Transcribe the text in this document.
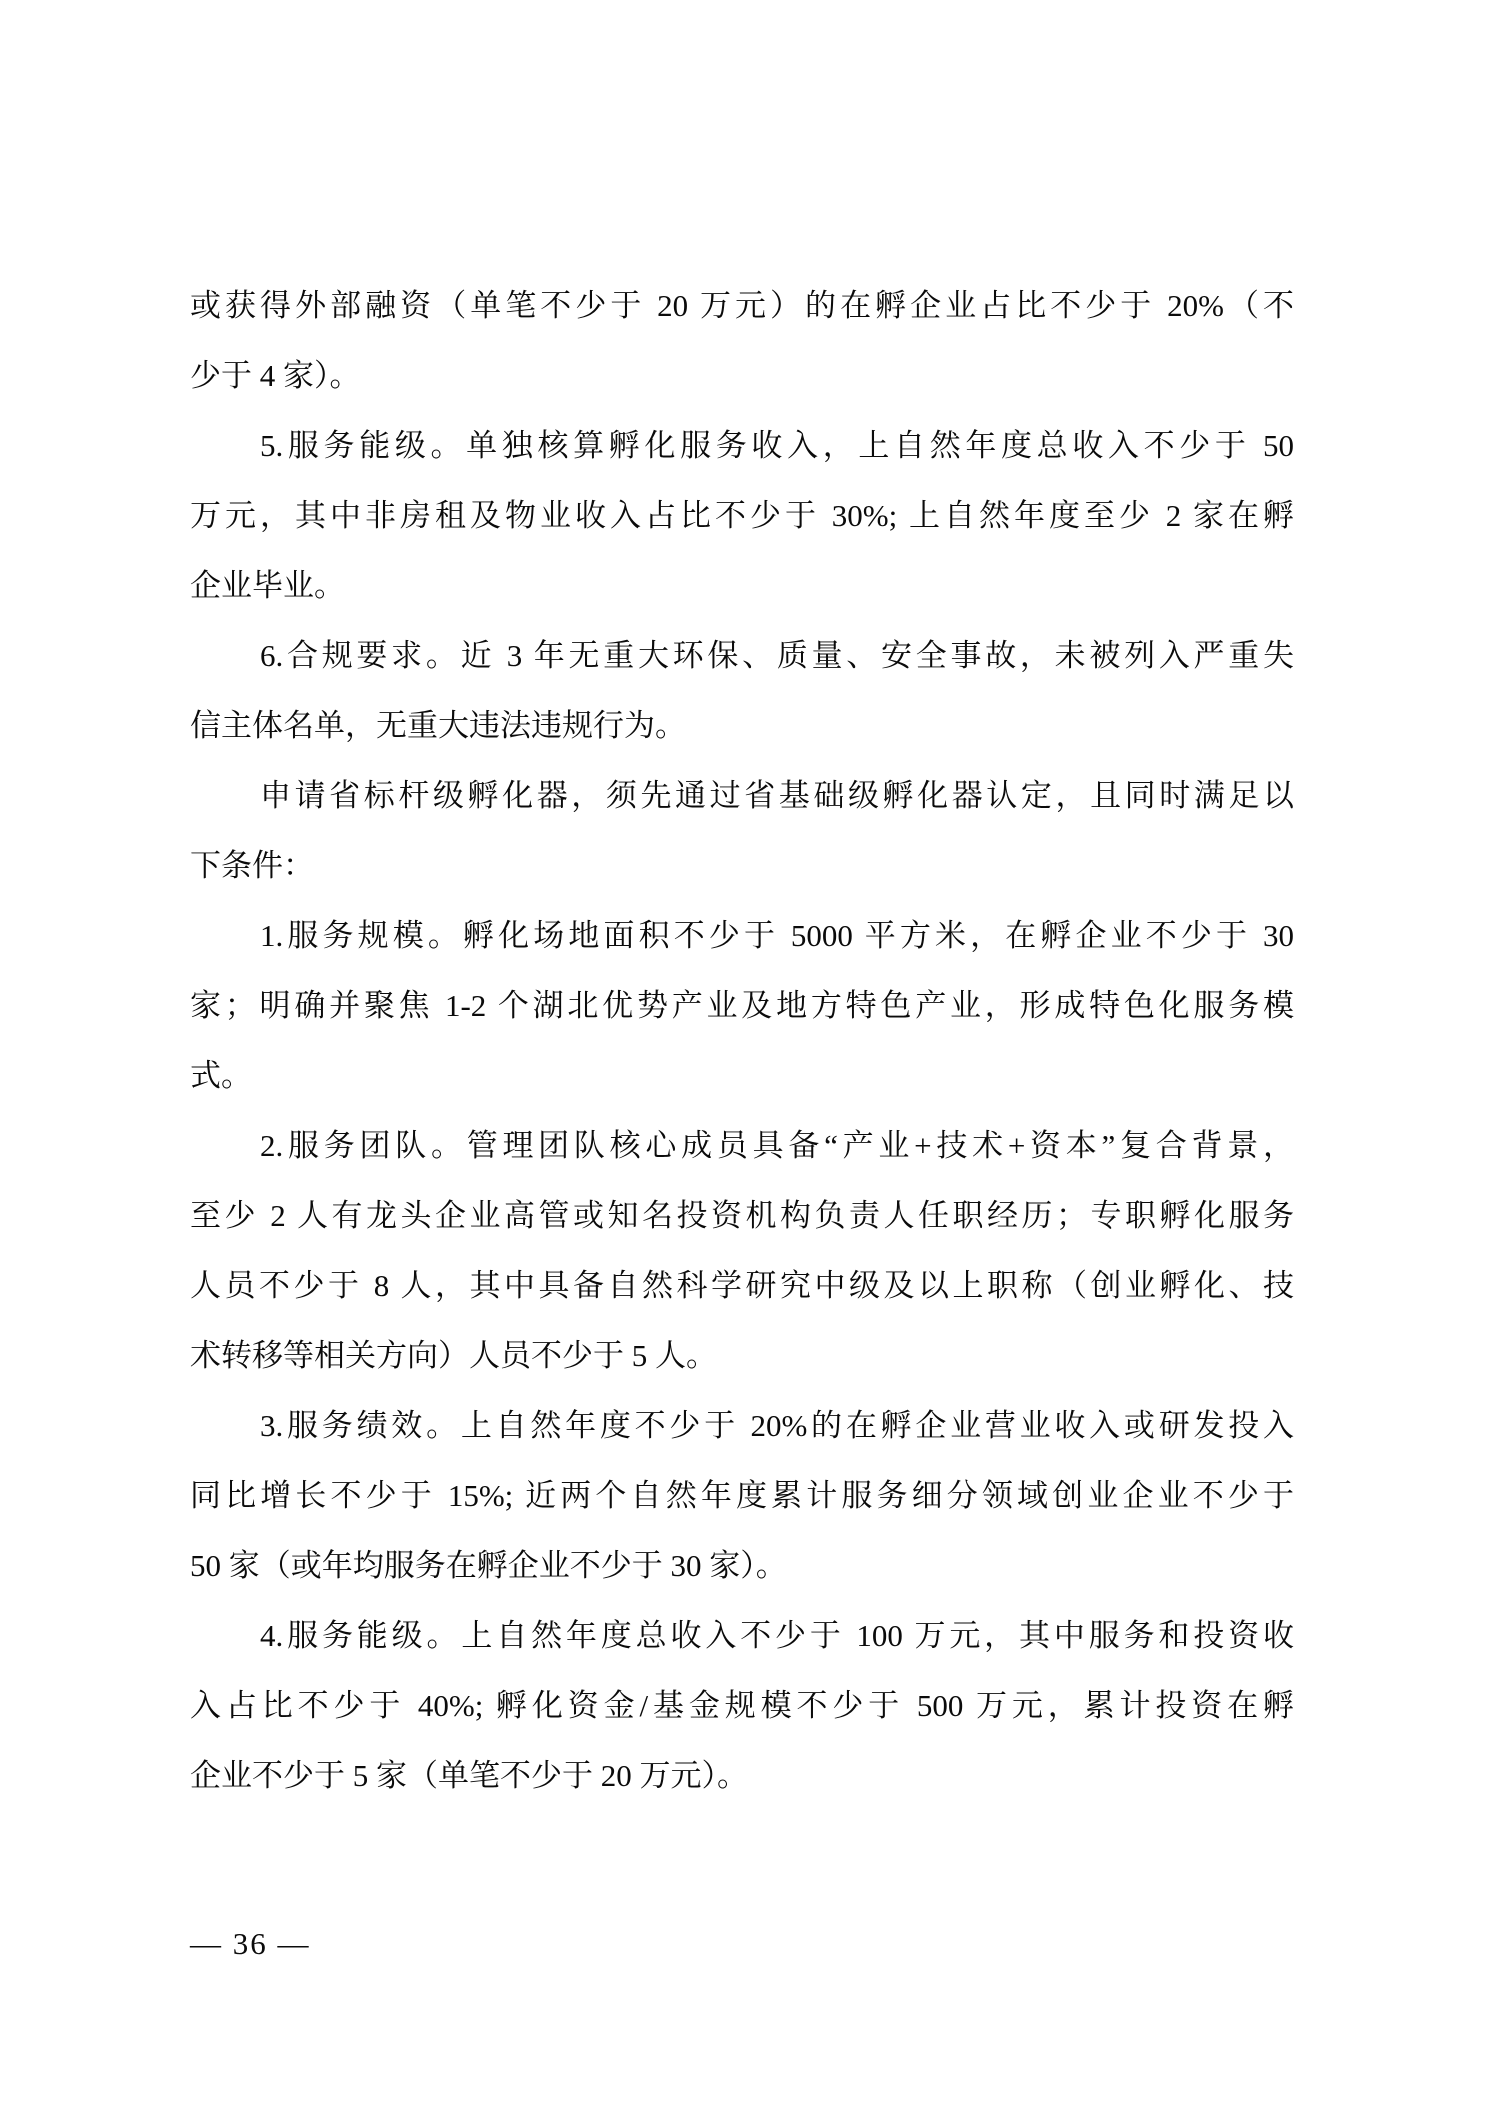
或获得外部融资（单笔不少于 20 万元）的在孵企业占比不少于 20%（不
少于 4 家）。
5.服务能级。单独核算孵化服务收入，上自然年度总收入不少于 50
万元，其中非房租及物业收入占比不少于 30%; 上自然年度至少 2 家在孵
企业毕业。
6.合规要求。近 3 年无重大环保、质量、安全事故，未被列入严重失
信主体名单，无重大违法违规行为。
申请省标杆级孵化器，须先通过省基础级孵化器认定，且同时满足以
下条件：
1.服务规模。孵化场地面积不少于 5000 平方米，在孵企业不少于 30
家；明确并聚焦 1-2 个湖北优势产业及地方特色产业，形成特色化服务模
式。
2.服务团队。管理团队核心成员具备“产业+技术+资本”复合背景，
至少 2 人有龙头企业高管或知名投资机构负责人任职经历；专职孵化服务
人员不少于 8 人，其中具备自然科学研究中级及以上职称（创业孵化、技
术转移等相关方向）人员不少于 5 人。
3.服务绩效。上自然年度不少于 20%的在孵企业营业收入或研发投入
同比增长不少于 15%; 近两个自然年度累计服务细分领域创业企业不少于
50 家（或年均服务在孵企业不少于 30 家）。
4.服务能级。上自然年度总收入不少于 100 万元，其中服务和投资收
入占比不少于 40%; 孵化资金/基金规模不少于 500 万元，累计投资在孵
企业不少于 5 家（单笔不少于 20 万元）。
— 36 —
